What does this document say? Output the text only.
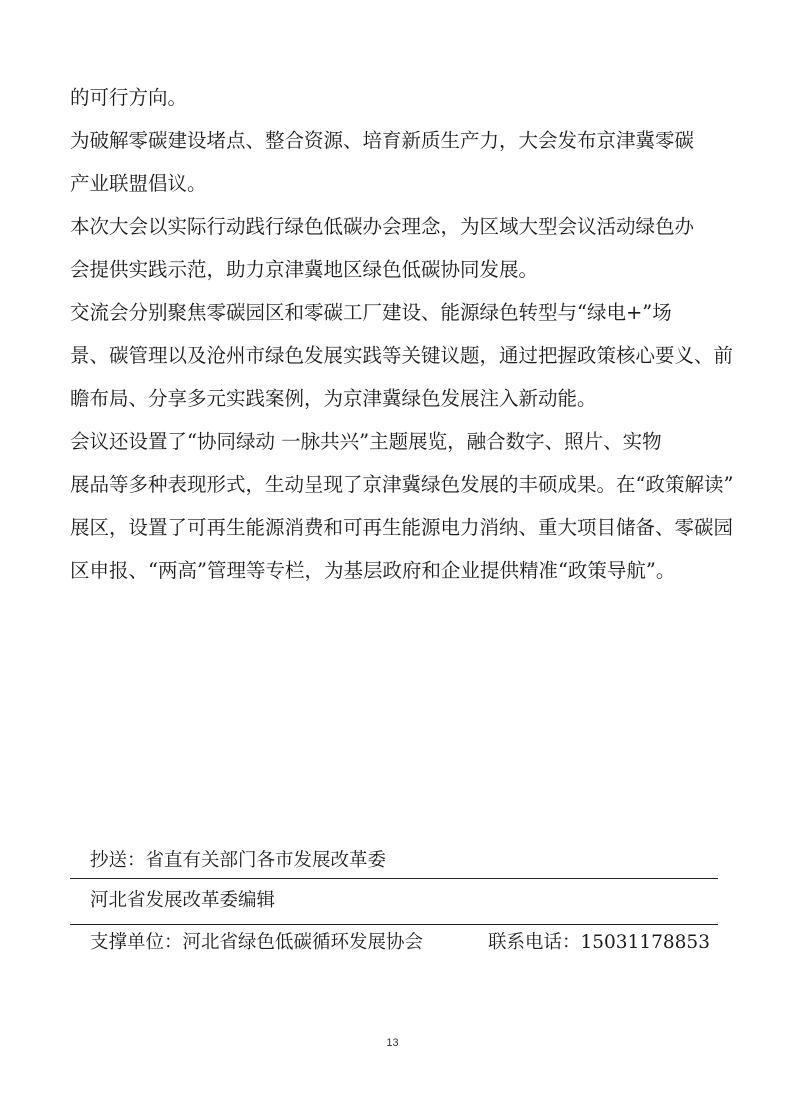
的可行方向。
为破解零碳建设堵点、整合资源、培育新质生产力，大会发布京津冀零碳
产业联盟倡议。
本次大会以实际行动践行绿色低碳办会理念，为区域大型会议活动绿色办
会提供实践示范，助力京津冀地区绿色低碳协同发展。
交流会分别聚焦零碳园区和零碳工厂建设、能源绿色转型与“绿电+”场
景、碳管理以及沧州市绿色发展实践等关键议题，通过把握政策核心要义、前
瞻布局、分享多元实践案例，为京津冀绿色发展注入新动能。
会议还设置了“协同绿动 一脉共兴”主题展览，融合数字、照片、实物
展品等多种表现形式，生动呈现了京津冀绿色发展的丰硕成果。在“政策解读”
展区，设置了可再生能源消费和可再生能源电力消纳、重大项目储备、零碳园
区申报、“两高”管理等专栏，为基层政府和企业提供精准“政策导航”。
抄送：省直有关部门各市发展改革委
河北省发展改革委编辑
支撑单位：河北省绿色低碳循环发展协会	联系电话：15031178853
13
